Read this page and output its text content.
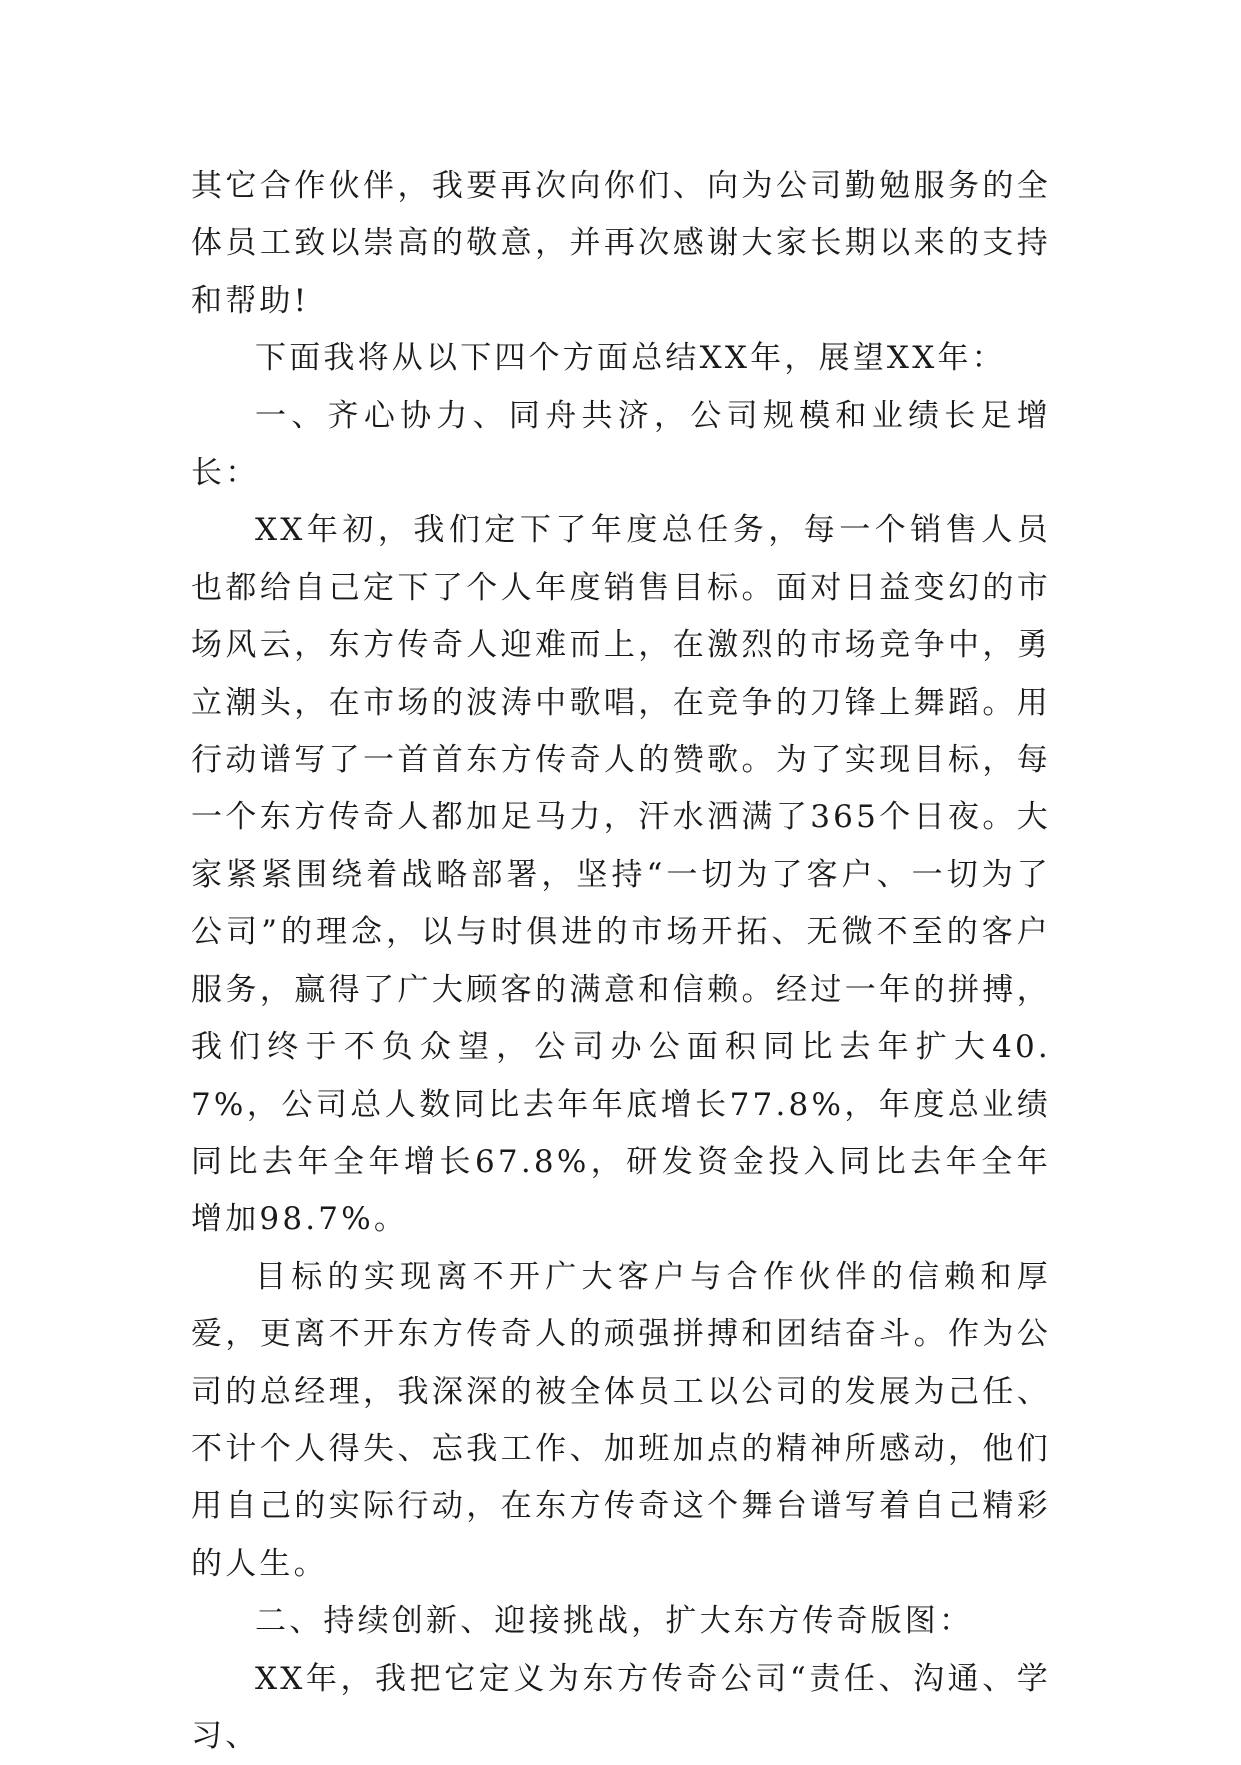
其它合作伙伴，我要再次向你们、向为公司勤勉服务的全体员工致以崇高的敬意，并再次感谢大家长期以来的支持和帮助!

下面我将从以下四个方面总结XX年，展望XX年：

一、齐心协力、同舟共济，公司规模和业绩长足增长：

XX年初，我们定下了年度总任务，每一个销售人员也都给自己定下了个人年度销售目标。面对日益变幻的市场风云，东方传奇人迎难而上，在激烈的市场竞争中，勇立潮头，在市场的波涛中歌唱，在竞争的刀锋上舞蹈。用行动谱写了一首首东方传奇人的赞歌。为了实现目标，每一个东方传奇人都加足马力，汗水洒满了365个日夜。大家紧紧围绕着战略部署，坚持“一切为了客户、一切为了公司”的理念，以与时俱进的市场开拓、无微不至的客户服务，赢得了广大顾客的满意和信赖。经过一年的拼搏，我们终于不负众望，公司办公面积同比去年扩大40.7%，公司总人数同比去年年底增长77.8%，年度总业绩同比去年全年增长67.8%，研发资金投入同比去年全年增加98.7%。

目标的实现离不开广大客户与合作伙伴的信赖和厚爱，更离不开东方传奇人的顽强拼搏和团结奋斗。作为公司的总经理，我深深的被全体员工以公司的发展为己任、不计个人得失、忘我工作、加班加点的精神所感动，他们用自己的实际行动，在东方传奇这个舞台谱写着自己精彩的人生。

二、持续创新、迎接挑战，扩大东方传奇版图：

XX年，我把它定义为东方传奇公司“责任、沟通、学习、
